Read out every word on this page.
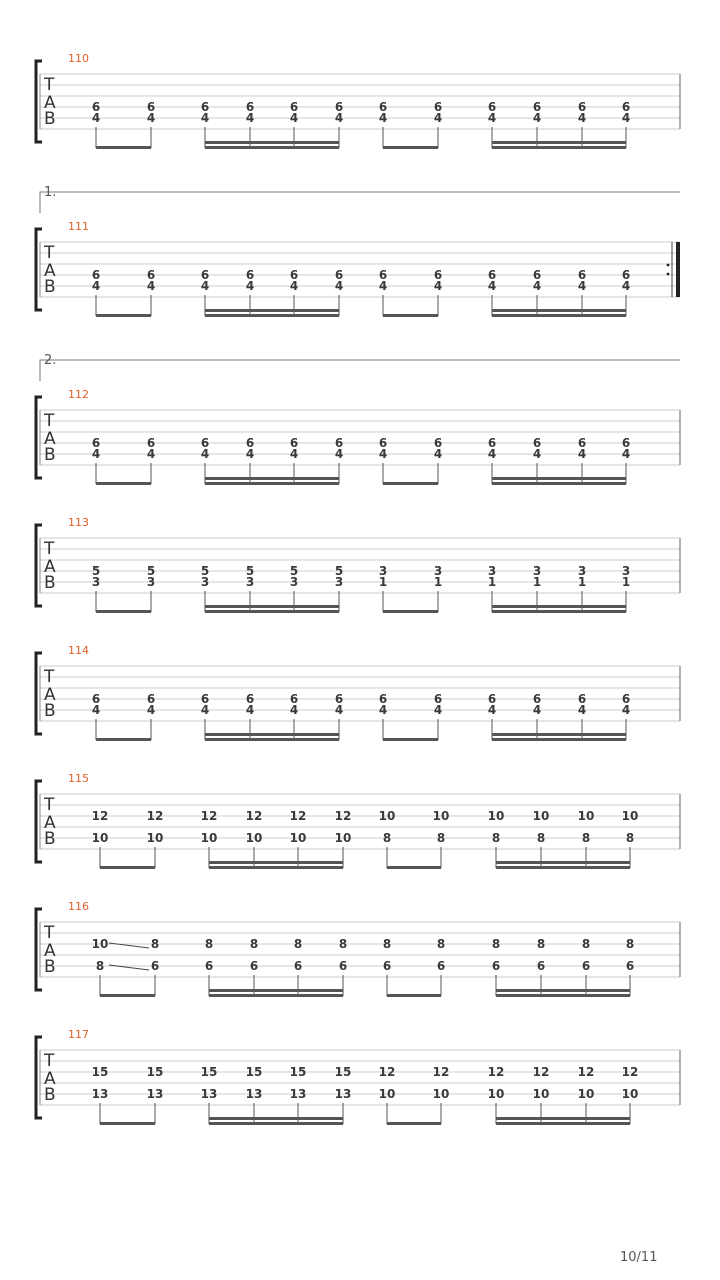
T
A
B
110
6	6	6	6	6	6	6	6	6	6	6	6
4	4	4	4	4	4	4	4	4	4	4	4
T
A
B
111
1.
6	6	6	6	6	6	6	6	6	6	6	6
4	4	4	4	4	4	4	4	4	4	4	4
T
A
B
112
2.
6	6	6	6	6	6	6	6	6	6	6	6
4	4	4	4	4	4	4	4	4	4	4	4
T
A
B
113
5	5	5	5	5	5	3	3	3	3	3	3
3	3	3	3	3	3	1	1	1	1	1	1
T
A
B
114
6	6	6	6	6	6	6	6	6	6	6	6
4	4	4	4	4	4	4	4	4	4	4	4
T
A
B
115
12	12	12 12 12 12 10	10	10 10 10 10
10	10	10 10 10 10	8	8	8	8	8	8
T
A
B
116
10	8	8	8	8	8	8	8	8	8	8	8
8	6	6	6	6	6	6	6	6	6	6	6
T
A
B
117
15	15	15 15 15 15 12	12	12 12 12 12
13	13	13 13 13 13 10	10	10 10 10 10
10/11
